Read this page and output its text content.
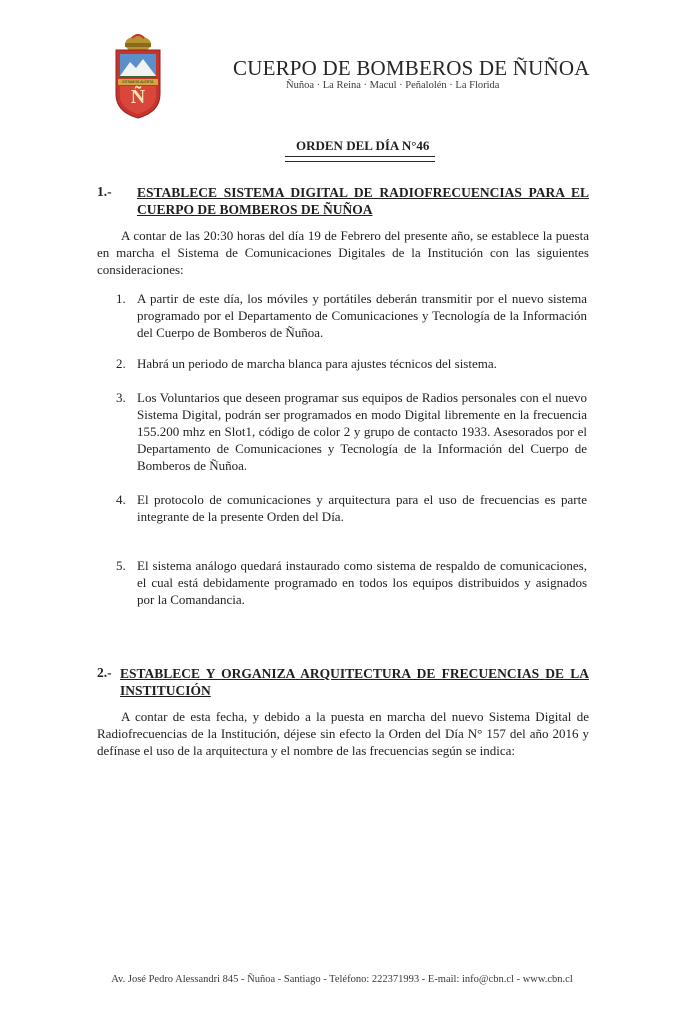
ESTAMOS ALERTA
Ñ
CUERPO DE BOMBEROS DE ÑUÑOA
Ñuñoa · La Reina · Macul · Peñalolén · La Florida
ORDEN DEL DÍA N°46
1.- ESTABLECE SISTEMA DIGITAL DE RADIOFRECUENCIAS PARA EL CUERPO DE BOMBEROS DE ÑUÑOA
A contar de las 20:30 horas del día 19 de Febrero del presente año, se establece la puesta en marcha el Sistema de Comunicaciones Digitales de la Institución con las siguientes consideraciones:
1. A partir de este día, los móviles y portátiles deberán transmitir por el nuevo sistema programado por el Departamento de Comunicaciones y Tecnología de la Información del Cuerpo de Bomberos de Ñuñoa.
2. Habrá un periodo de marcha blanca para ajustes técnicos del sistema.
3. Los Voluntarios que deseen programar sus equipos de Radios personales con el nuevo Sistema Digital, podrán ser programados en modo Digital libremente en la frecuencia 155.200 mhz en Slot1, código de color 2 y grupo de contacto 1933. Asesorados por el Departamento de Comunicaciones y Tecnología de la Información del Cuerpo de Bomberos de Ñuñoa.
4. El protocolo de comunicaciones y arquitectura para el uso de frecuencias es parte integrante de la presente Orden del Día.
5. El sistema análogo quedará instaurado como sistema de respaldo de comunicaciones, el cual está debidamente programado en todos los equipos distribuidos y asignados por la Comandancia.
2.- ESTABLECE Y ORGANIZA ARQUITECTURA DE FRECUENCIAS DE LA INSTITUCIÓN
A contar de esta fecha, y debido a la puesta en marcha del nuevo Sistema Digital de Radiofrecuencias de la Institución, déjese sin efecto la Orden del Día N° 157 del año 2016 y defínase el uso de la arquitectura y el nombre de las frecuencias según se indica:
Av. José Pedro Alessandri 845 - Ñuñoa - Santiago - Teléfono: 222371993 - E-mail: info@cbn.cl - www.cbn.cl
